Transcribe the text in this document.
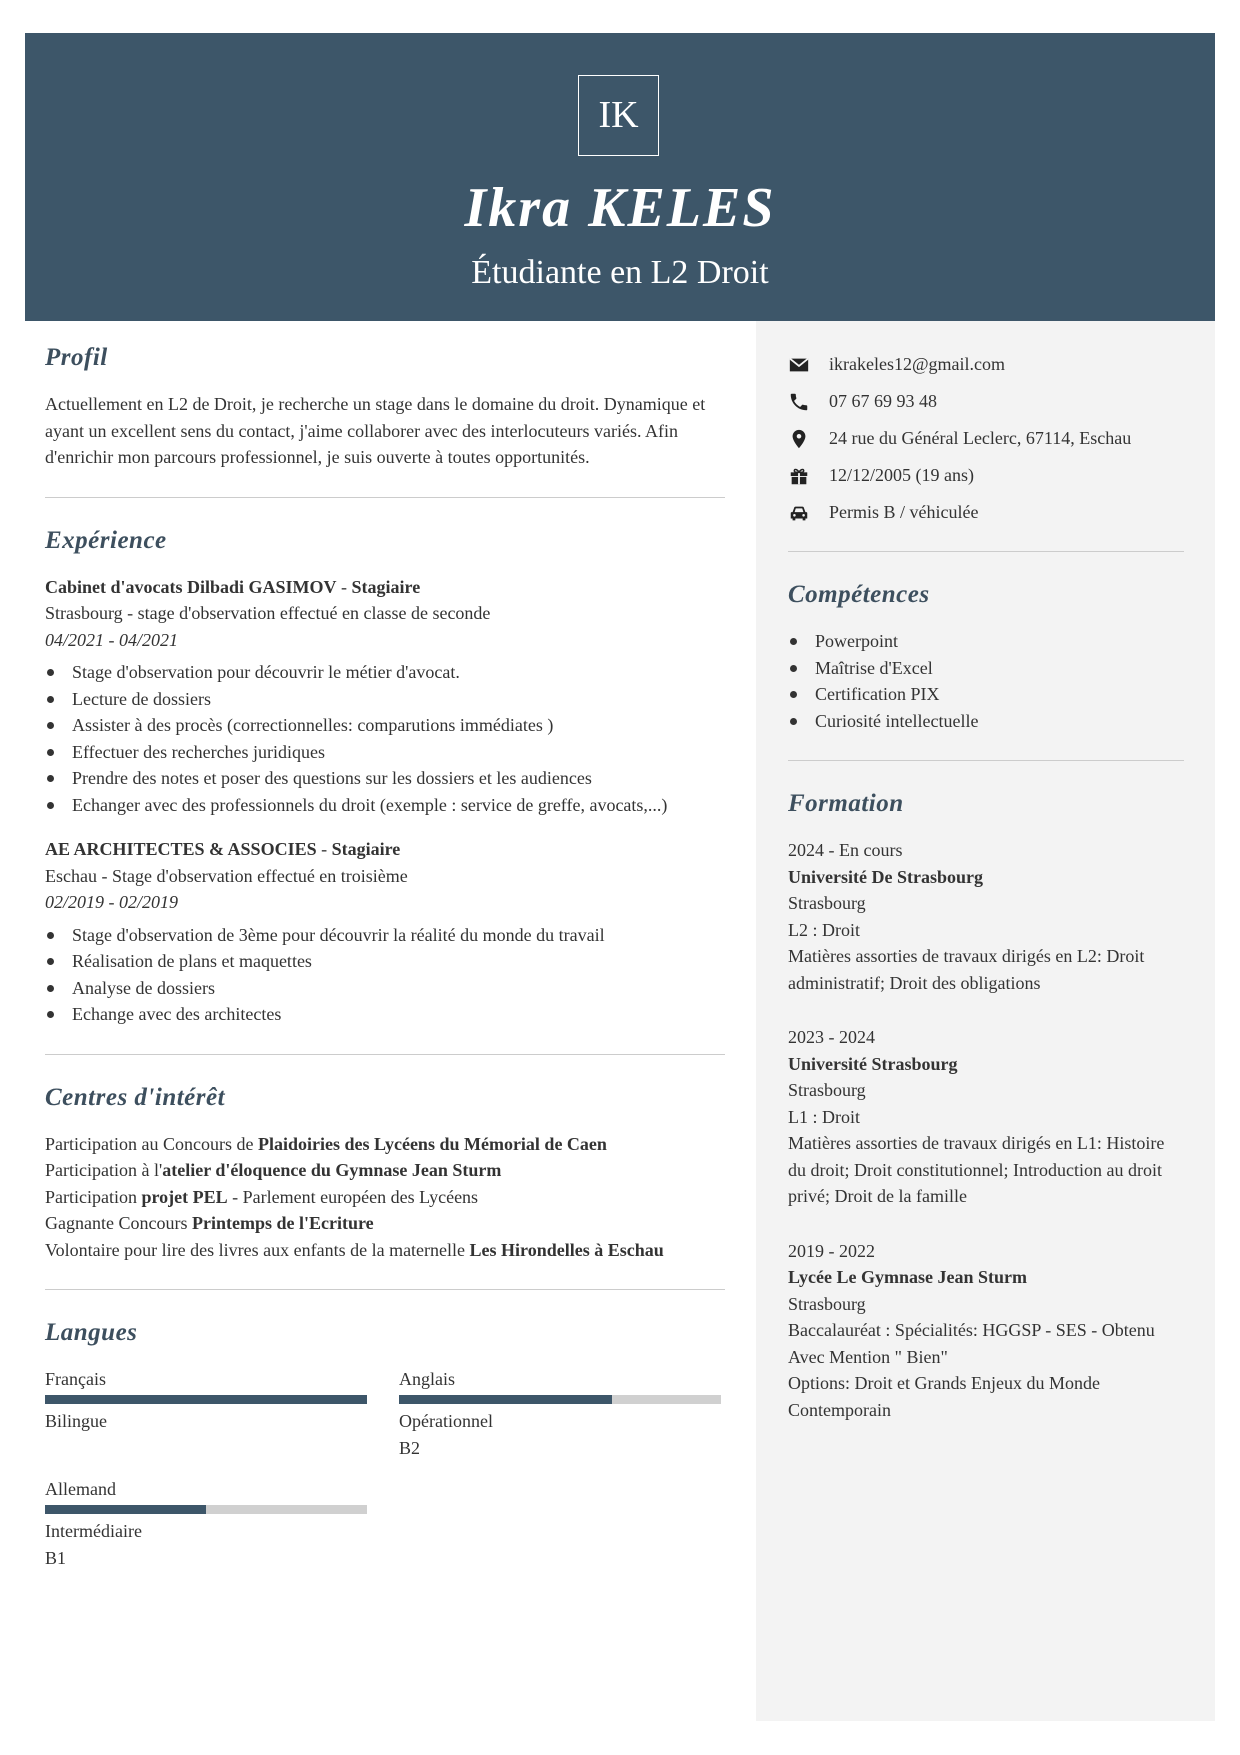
IK
Ikra KELES
Étudiante en L2 Droit
Profil

Actuellement en L2 de Droit, je recherche un stage dans le domaine du droit. Dynamique et ayant un excellent sens du contact, j'aime collaborer avec des interlocuteurs variés. Afin d'enrichir mon parcours professionnel, je suis ouverte à toutes opportunités.

Expérience
Cabinet d'avocats Dilbadi GASIMOV - Stagiaire
Strasbourg - stage d'observation effectué en classe de seconde
04/2021 - 04/2021
Stage d'observation pour découvrir le métier d'avocat.
Lecture de dossiers
Assister à des procès (correctionnelles: comparutions immédiates )
Effectuer des recherches juridiques
Prendre des notes et poser des questions sur les dossiers et les audiences
Echanger avec des professionnels du droit (exemple : service de greffe, avocats,...)
AE ARCHITECTES & ASSOCIES - Stagiaire
Eschau - Stage d'observation effectué en troisième
02/2019 - 02/2019
Stage d'observation de 3ème pour découvrir la réalité du monde du travail
Réalisation de plans et maquettes
Analyse de dossiers
Echange avec des architectes
Centres d'intérêt
Participation au Concours de Plaidoiries des Lycéens du Mémorial de Caen
Participation à l'atelier d'éloquence du Gymnase Jean Sturm
Participation projet PEL - Parlement européen des Lycéens
Gagnante Concours Printemps de l'Ecriture
Volontaire pour lire des livres aux enfants de la maternelle Les Hirondelles à Eschau
Langues
Français
Bilingue
Anglais
Opérationnel
B2
Allemand
Intermédiaire
B1
ikrakeles12@gmail.com
07 67 69 93 48
24 rue du Général Leclerc, 67114, Eschau
12/12/2005 (19 ans)
Permis B / véhiculée
Compétences
Powerpoint
Maîtrise d'Excel
Certification PIX
Curiosité intellectuelle
Formation
2024 - En cours
Université De Strasbourg
Strasbourg
L2 : Droit
Matières assorties de travaux dirigés en L2: Droit administratif; Droit des obligations
2023 - 2024
Université Strasbourg
Strasbourg
L1 : Droit
Matières assorties de travaux dirigés en L1: Histoire du droit; Droit constitutionnel; Introduction au droit privé; Droit de la famille
2019 - 2022
Lycée Le Gymnase Jean Sturm
Strasbourg
Baccalauréat : Spécialités: HGGSP - SES - Obtenu Avec Mention " Bien"
Options: Droit et Grands Enjeux du Monde Contemporain
